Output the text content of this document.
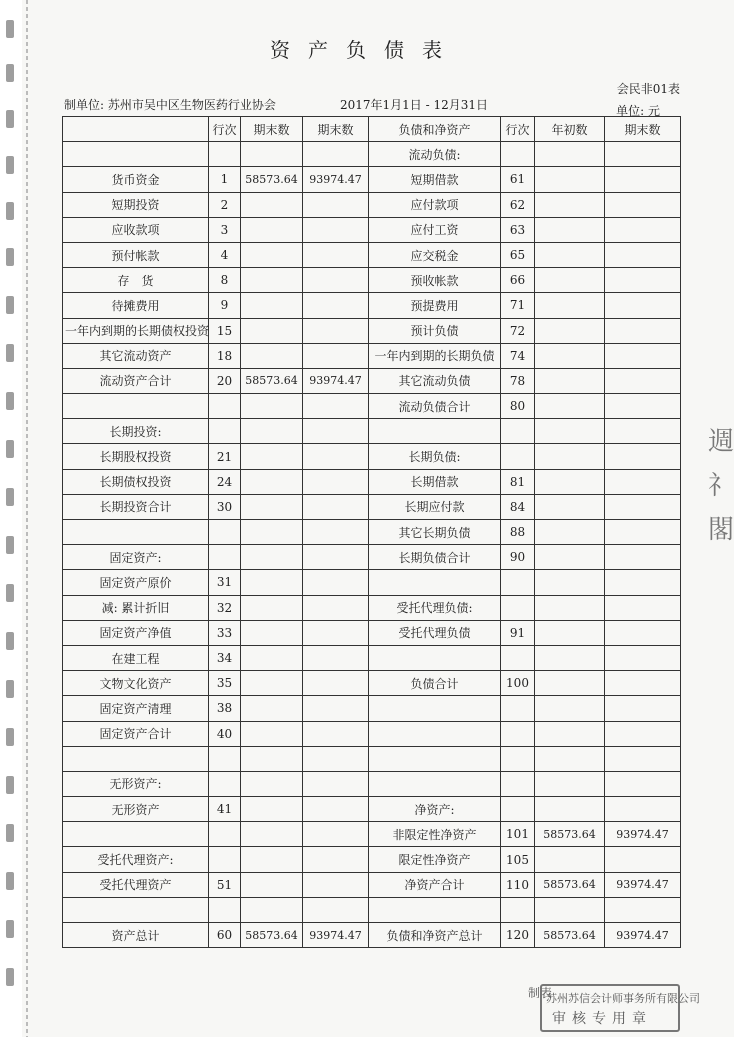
週
⺭
閣
资产负债表
会民非01表
制单位: 苏州市吴中区生物医药行业协会	2017年1月1日 - 12月31日	单位: 元
	行次	期末数	期末数	负债和净资产	行次	年初数	期末数
				流动负债:			
货币资金	1	58573.64	93974.47	短期借款	61		
短期投资	2			应付款项	62		
应收款项	3			应付工资	63		
预付帐款	4			应交税金	65		
存　货	8			预收帐款	66		
待摊费用	9			预提费用	71		
一年内到期的长期债权投资	15			预计负债	72		
其它流动资产	18			一年内到期的长期负债	74		
流动资产合计	20	58573.64	93974.47	其它流动负债	78		
				流动负债合计	80		
长期投资:							
长期股权投资	21			长期负债:			
长期债权投资	24			长期借款	81		
长期投资合计	30			长期应付款	84		
				其它长期负债	88		
固定资产:				长期负债合计	90		
固定资产原价	31						
减: 累计折旧	32			受托代理负债:			
固定资产净值	33			受托代理负债	91		
在建工程	34						
文物文化资产	35			负债合计	100		
固定资产清理	38						
固定资产合计	40						

无形资产:							
无形资产	41			净资产:			
				非限定性净资产	101	58573.64	93974.47
受托代理资产:				限定性净资产	105		
受托代理资产	51			净资产合计	110	58573.64	93974.47

资产总计	60	58573.64	93974.47	负债和净资产总计	120	58573.64	93974.47
制表
苏州苏信会计师事务所有限公司
审核专用章
